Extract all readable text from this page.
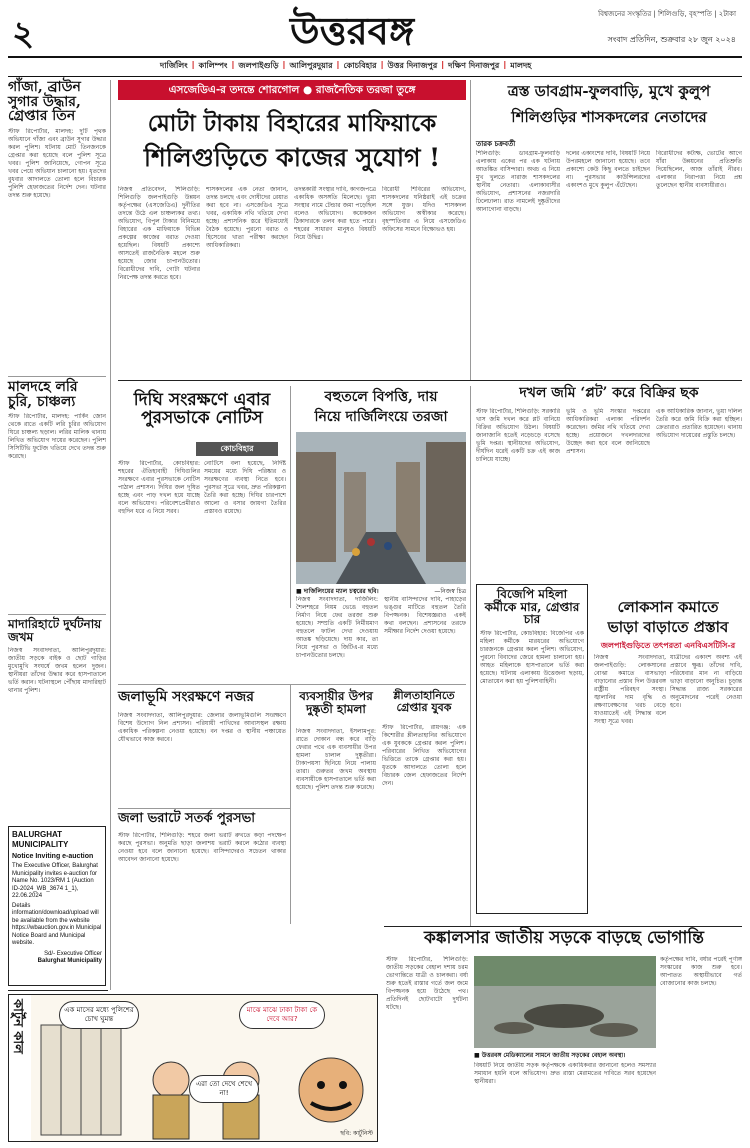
২	উত্তরবঙ্গ	বিশ্বজনের সংস্কৃতির | শিলিগুড়ি, বৃহস্পতি | ২টাকা
সংবাদ প্রতিদিন, শুক্রবার ২৮ জুন ২০২৪
দার্জিলিং | কালিম্পং | জলপাইগুড়ি | আলিপুরদুয়ার | কোচবিহার | উত্তর দিনাজপুর | দক্ষিণ দিনাজপুর | মালদহ
গাঁজা, ব্রাউন সুগার উদ্ধার, গ্রেপ্তার তিন
স্টাফ রিপোর্টার, মালদহ: দুটি পৃথক অভিযানে গাঁজা এবং ব্রাউন সুগার উদ্ধার করল পুলিশ। ঘটনায় মোট তিনজনকে গ্রেপ্তার করা হয়েছে বলে পুলিশ সূত্রে খবর। পুলিশ জানিয়েছে, গোপন সূত্রে খবর পেয়ে অভিযান চালানো হয়। ধৃতদের বুধবার আদালতে তোলা হলে বিচারক পুলিশি হেফাজতের নির্দেশ দেন। ঘটনার তদন্ত শুরু হয়েছে।
মালদহে লরি চুরি, চাঞ্চল্য
স্টাফ রিপোর্টার, মালদহ: পার্কিং জোন থেকে রাতে একটি লরি চুরির অভিযোগ ঘিরে চাঞ্চল্য ছড়াল। লরির মালিক থানায় লিখিত অভিযোগ দায়ের করেছেন। পুলিশ সিসিটিভি ফুটেজ খতিয়ে দেখে তদন্ত শুরু করেছে।
মাদারিহাটে দুর্ঘটনায় জখম
নিজস্ব সংবাদদাতা, আলিপুরদুয়ার: জাতীয় সড়কে বাইক ও ছোট গাড়ির মুখোমুখি সংঘর্ষে জখম হলেন দুজন। স্থানীয়রা তাঁদের উদ্ধার করে হাসপাতালে ভর্তি করান। ঘটনাস্থলে পৌঁছায় মাদারিহাট থানার পুলিশ।
BALURGHAT MUNICIPALITY
Notice Inviting e-auction
The Executive Officer, Balurghat Municipality invites e-auction for Name No. 1023/RM 1 (Auction ID-2024_WB_3674 1_1), 22.06.2024
Details information/download/upload will be available from the website https://wbauction.gov.in Municipal Notice Board and Municipal website.
Sd/- Executive Officer
Balurghat Municipality
এসজেডিএ-র তদন্তে শোরগোল ● রাজনৈতিক তরজা তুঙ্গে
মোটা টাকায় বিহারের মাফিয়াকে
শিলিগুড়িতে কাজের সুযোগ !
নিজস্ব প্রতিবেদন, শিলিগুড়ি: শিলিগুড়ি জলপাইগুড়ি উন্নয়ন কর্তৃপক্ষের (এসজেডিএ) দুর্নীতির তদন্তে উঠে এল চাঞ্চল্যকর তথ্য। অভিযোগ, বিপুল টাকার বিনিময়ে বিহারের এক মাফিয়াকে বিভিন্ন প্রকল্পের কাজের বরাত দেওয়া হয়েছিল। বিষয়টি প্রকাশ্যে আসতেই রাজনৈতিক মহলে শুরু হয়েছে জোর চাপানউতোর। বিরোধীদের দাবি, গোটা ঘটনার নিরপেক্ষ তদন্ত করতে হবে।
শাসকদলের এক নেতা জানান, তদন্ত চলছে এবং দোষীদের রেয়াত করা হবে না। এসজেডিএ সূত্রে খবর, একাধিক নথি খতিয়ে দেখা হচ্ছে। প্রশাসনিক স্তরে ইতিমধ্যেই বৈঠক হয়েছে। পুরনো বরাত ও হিসেবের খাতা পরীক্ষা করছেন আধিকারিকরা।
তদন্তকারী সংস্থার দাবি, কাগজপত্রে একাধিক অসঙ্গতি মিলেছে। ভুয়া সংস্থার নামে টেন্ডার জমা পড়েছিল বলেও অভিযোগ। কয়েকজন ঠিকাদারকে তলব করা হতে পারে। শহরের সাধারণ মানুষও বিষয়টি নিয়ে উদ্বিগ্ন।
বিরোধী শিবিরের অভিযোগ, শাসকদলের ঘনিষ্ঠরাই এই চক্রের সঙ্গে যুক্ত। যদিও শাসকদল অভিযোগ অস্বীকার করেছে। বৃহস্পতিবার এ নিয়ে এসজেডিএ অফিসের সামনে বিক্ষোভও হয়।
ত্রস্ত ডাবগ্রাম-ফুলবাড়ি, মুখে কুলুপ
শিলিগুড়ির শাসকদলের নেতাদের
তারক চক্রবর্তী
শিলিগুড়ি: ডাবগ্রাম-ফুলবাড়ি এলাকায় একের পর এক ঘটনায় আতঙ্কিত বাসিন্দারা। অথচ এ নিয়ে মুখ খুলতে নারাজ শাসকদলের স্থানীয় নেতারা। এলাকাবাসীর অভিযোগ, প্রশাসনের নজরদারি ঢিলেঢালা। রাত নামলেই দুষ্কৃতীদের আনাগোনা বাড়ছে।
দলের একাংশের দাবি, বিষয়টি নিয়ে উপরমহলে জানানো হয়েছে। তবে প্রকাশ্যে কেউ কিছু বলতে চাইছেন না। পুরসভার কাউন্সিলরদের একাংশও মুখে কুলুপ এঁটেছেন।
বিরোধীদের কটাক্ষ, ভোটের আগে যাঁরা উন্নয়নের প্রতিশ্রুতি দিয়েছিলেন, আজ তাঁরাই নীরব। এলাকার নিরাপত্তা নিয়ে প্রশ্ন তুলেছেন স্থানীয় ব্যবসায়ীরাও।
দখল জমি ‘প্লট’ করে বিক্রির ছক
স্টাফ রিপোর্টার, শিলিগুড়ি: সরকারি খাস জমি দখল করে প্লট বানিয়ে বিক্রির অভিযোগ উঠল। বিষয়টি জানাজানি হতেই নড়েচড়ে বসেছে ভূমি দপ্তর। স্থানীয়দের অভিযোগ, দীর্ঘদিন ধরেই একটি চক্র এই কাজ চালিয়ে যাচ্ছে।
ভূমি ও ভূমি সংস্কার দপ্তরের আধিকারিকরা এলাকা পরিদর্শন করেছেন। জমির নথি খতিয়ে দেখা হচ্ছে। প্রয়োজনে দখলদারদের উচ্ছেদ করা হবে বলে জানিয়েছে প্রশাসন।
এক আধিকারিক জানান, ভুয়া দলিল তৈরি করে জমি বিক্রি করা হচ্ছিল। ক্রেতারাও প্রতারিত হয়েছেন। থানায় অভিযোগ দায়েরের প্রস্তুতি চলছে।
দিঘি সংরক্ষণে এবার পুরসভাকে নোটিস
কোচবিহার
স্টাফ রিপোর্টার, কোচবিহার: শহরের ঐতিহ্যবাহী দিঘিগুলির সংরক্ষণে এবার পুরসভাকে নোটিস পাঠাল প্রশাসন। দিঘির জল দূষিত হচ্ছে এবং পাড় দখল হয়ে যাচ্ছে বলে অভিযোগ। পরিবেশপ্রেমীরাও বহুদিন ধরে এ নিয়ে সরব।
নোটিসে বলা হয়েছে, নির্দিষ্ট সময়ের মধ্যে দিঘি পরিষ্কার ও সংরক্ষণের ব্যবস্থা নিতে হবে। পুরসভা সূত্রে খবর, দ্রুত পরিকল্পনা তৈরি করা হচ্ছে। দিঘির চারপাশে আলো ও বসার জায়গা তৈরির প্রস্তাবও রয়েছে।
বহুতলে বিপত্তি, দায়
নিয়ে দার্জিলিংয়ে তরজা
■ দার্জিলিংয়ের ম্যাল চত্বরের ছবি।	—নিজস্ব চিত্র
নিজস্ব সংবাদদাতা, দার্জিলিং: শৈলশহরে নিয়ম ভেঙে বহুতল নির্মাণ নিয়ে ফের তরজা শুরু হয়েছে। সম্প্রতি একটি নির্মীয়মাণ বহুতলে ফাটল দেখা দেওয়ায় আতঙ্ক ছড়িয়েছে। দায় কার, তা নিয়ে পুরসভা ও জিটিএ-র মধ্যে চাপানউতোর চলছে।
স্থানীয় বাসিন্দাদের দাবি, পাহাড়ের ভঙ্গুর মাটিতে বহুতল তৈরি বিপজ্জনক। বিশেষজ্ঞরাও একই কথা বলছেন। প্রশাসনের তরফে সমীক্ষার নির্দেশ দেওয়া হয়েছে।
বিজেপি মহিলা কর্মীকে মার, গ্রেপ্তার চার
স্টাফ রিপোর্টার, কোচবিহার: বিজেপির এক মহিলা কর্মীকে মারধরের অভিযোগে চারজনকে গ্রেপ্তার করল পুলিশ। অভিযোগ, পুরনো বিবাদের জেরে হামলা চালানো হয়। আহত মহিলাকে হাসপাতালে ভর্তি করা হয়েছে। ঘটনায় এলাকায় উত্তেজনা ছড়ায়, মোতায়েন করা হয় পুলিশবাহিনী।
লোকসান কমাতে
ভাড়া বাড়াতে প্রস্তাব
জলপাইগুড়িতে তৎপরতা এনবিএসটিসি-র
নিজস্ব সংবাদদাতা, জলপাইগুড়ি: লোকসানের বোঝা কমাতে বাসভাড়া বাড়ানোর প্রস্তাব দিল উত্তরবঙ্গ রাষ্ট্রীয় পরিবহণ সংস্থা। জ্বালানির দাম বৃদ্ধি ও রক্ষণাবেক্ষণের খরচ বেড়ে যাওয়াতেই এই সিদ্ধান্ত বলে সংস্থা সূত্রে খবর।
যাত্রীদের একাংশ অবশ্য এই প্রস্তাবে ক্ষুব্ধ। তাঁদের দাবি, পরিষেবার মান না বাড়িয়ে ভাড়া বাড়ানো অনুচিত। চূড়ান্ত সিদ্ধান্ত রাজ্য সরকারের অনুমোদনের পরেই নেওয়া হবে।
জলাভূমি সংরক্ষণে নজর
নিজস্ব সংবাদদাতা, আলিপুরদুয়ার: জেলার জলাভূমিগুলি সংরক্ষণে বিশেষ উদ্যোগ নিল প্রশাসন। পরিযায়ী পাখিদের আবাসস্থল রক্ষায় একাধিক পরিকল্পনা নেওয়া হয়েছে। বন দপ্তর ও স্থানীয় পঞ্চায়েত যৌথভাবে কাজ করবে।
জলা ভরাটে সতর্ক পুরসভা
স্টাফ রিপোর্টার, শিলিগুড়ি: শহরে জলা ভরাট রুখতে কড়া পদক্ষেপ করছে পুরসভা। অনুমতি ছাড়া জলাশয় ভরাট করলে কঠোর ব্যবস্থা নেওয়া হবে বলে জানানো হয়েছে। বাসিন্দাদেরও সচেতন থাকার আবেদন জানানো হয়েছে।
ব্যবসায়ীর উপর দুষ্কৃতী হামলা
নিজস্ব সংবাদদাতা, ইসলামপুর: রাতে দোকান বন্ধ করে বাড়ি ফেরার পথে এক ব্যবসায়ীর উপর হামলা চালাল দুষ্কৃতীরা। টাকাপয়সা ছিনিয়ে নিয়ে পালায় তারা। গুরুতর জখম অবস্থায় ব্যবসায়ীকে হাসপাতালে ভর্তি করা হয়েছে। পুলিশ তদন্ত শুরু করেছে।
শ্লীলতাহানিতে গ্রেপ্তার যুবক
স্টাফ রিপোর্টার, রায়গঞ্জ: এক কিশোরীর শ্লীলতাহানির অভিযোগে এক যুবককে গ্রেপ্তার করল পুলিশ। পরিবারের লিখিত অভিযোগের ভিত্তিতে তাকে গ্রেপ্তার করা হয়। ধৃতকে আদালতে তোলা হলে বিচারক জেল হেফাজতের নির্দেশ দেন।
কার্টুন কাল	এক মাসের মধ্যে পুলিশের চোখ ঘুমন্ত
মাঝে মাঝে ঢাকা টাকা কে দেবে আর?
এরা তো দেখে শেখে না!
ছবি: কার্টুনিস্ট
কঙ্কালসার জাতীয় সড়কে বাড়ছে ভোগান্তি
স্টাফ রিপোর্টার, শিলিগুড়ি: জাতীয় সড়কের বেহাল দশায় চরম ভোগান্তিতে যাত্রী ও চালকরা। বর্ষা শুরু হতেই রাস্তার গর্তে জল জমে বিপজ্জনক হয়ে উঠেছে পথ। প্রতিদিনই ছোটখাটো দুর্ঘটনা ঘটছে।
■ উত্তরবঙ্গ মেডিক্যালের সামনে জাতীয় সড়কের বেহাল অবস্থা।
বিষয়টি নিয়ে জাতীয় সড়ক কর্তৃপক্ষকে একাধিকবার জানানো হলেও সমস্যার সমাধান হয়নি বলে অভিযোগ। দ্রুত রাস্তা মেরামতের দাবিতে সরব হয়েছেন স্থানীয়রা।
কর্তৃপক্ষের দাবি, বর্ষার পরেই পূর্ণাঙ্গ সংস্কারের কাজ শুরু হবে। আপাতত অস্থায়ীভাবে গর্ত বোজানোর কাজ চলছে।
